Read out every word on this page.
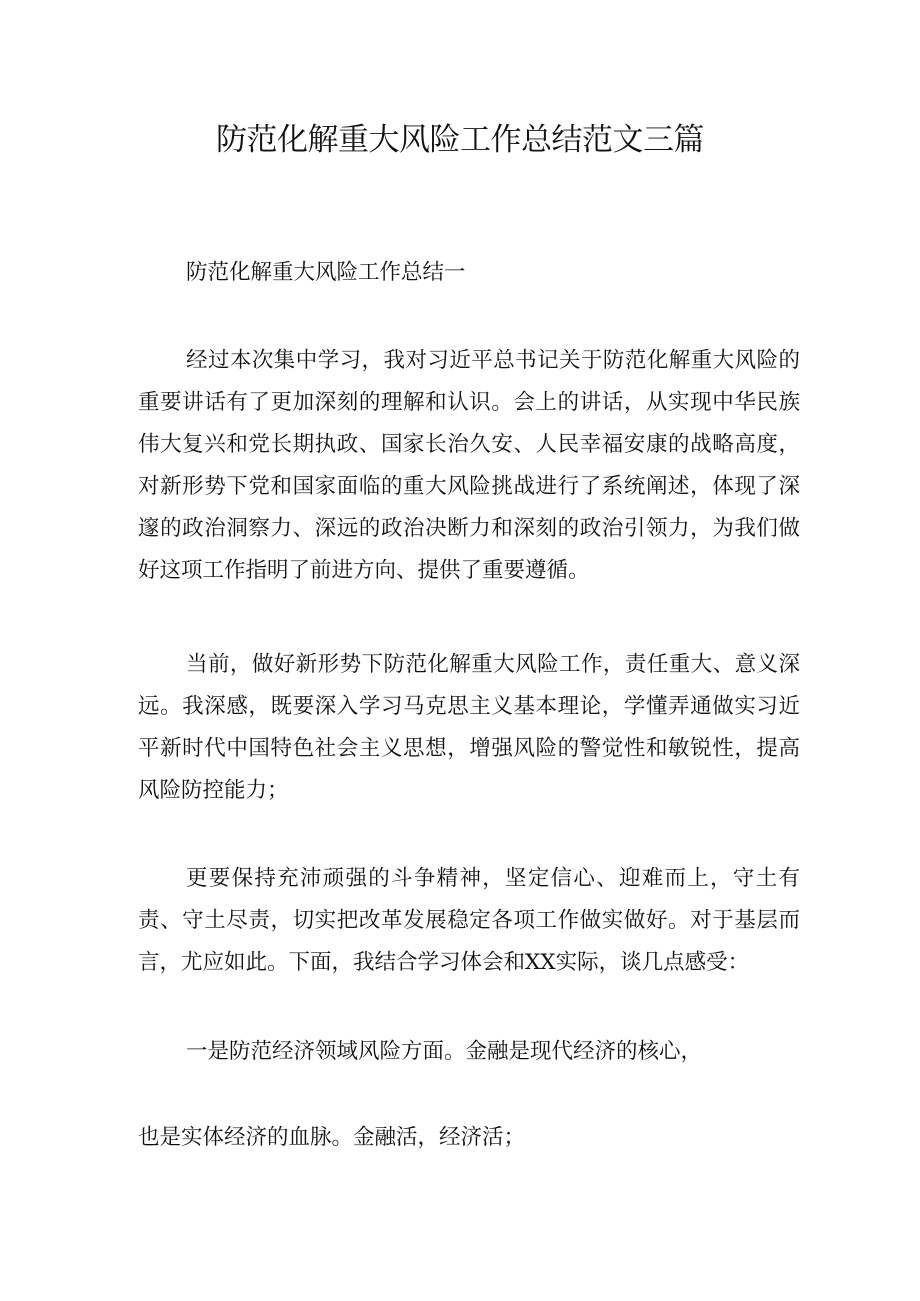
防范化解重大风险工作总结范文三篇

防范化解重大风险工作总结一

经过本次集中学习，我对习近平总书记关于防范化解重大风险的重要讲话有了更加深刻的理解和认识。会上的讲话，从实现中华民族伟大复兴和党长期执政、国家长治久安、人民幸福安康的战略高度，对新形势下党和国家面临的重大风险挑战进行了系统阐述，体现了深邃的政治洞察力、深远的政治决断力和深刻的政治引领力，为我们做好这项工作指明了前进方向、提供了重要遵循。

当前，做好新形势下防范化解重大风险工作，责任重大、意义深远。我深感，既要深入学习马克思主义基本理论，学懂弄通做实习近平新时代中国特色社会主义思想，增强风险的警觉性和敏锐性，提高风险防控能力；

更要保持充沛顽强的斗争精神，坚定信心、迎难而上，守土有责、守土尽责，切实把改革发展稳定各项工作做实做好。对于基层而言，尤应如此。下面，我结合学习体会和XX实际，谈几点感受：

一是防范经济领域风险方面。金融是现代经济的核心，

也是实体经济的血脉。金融活，经济活；
